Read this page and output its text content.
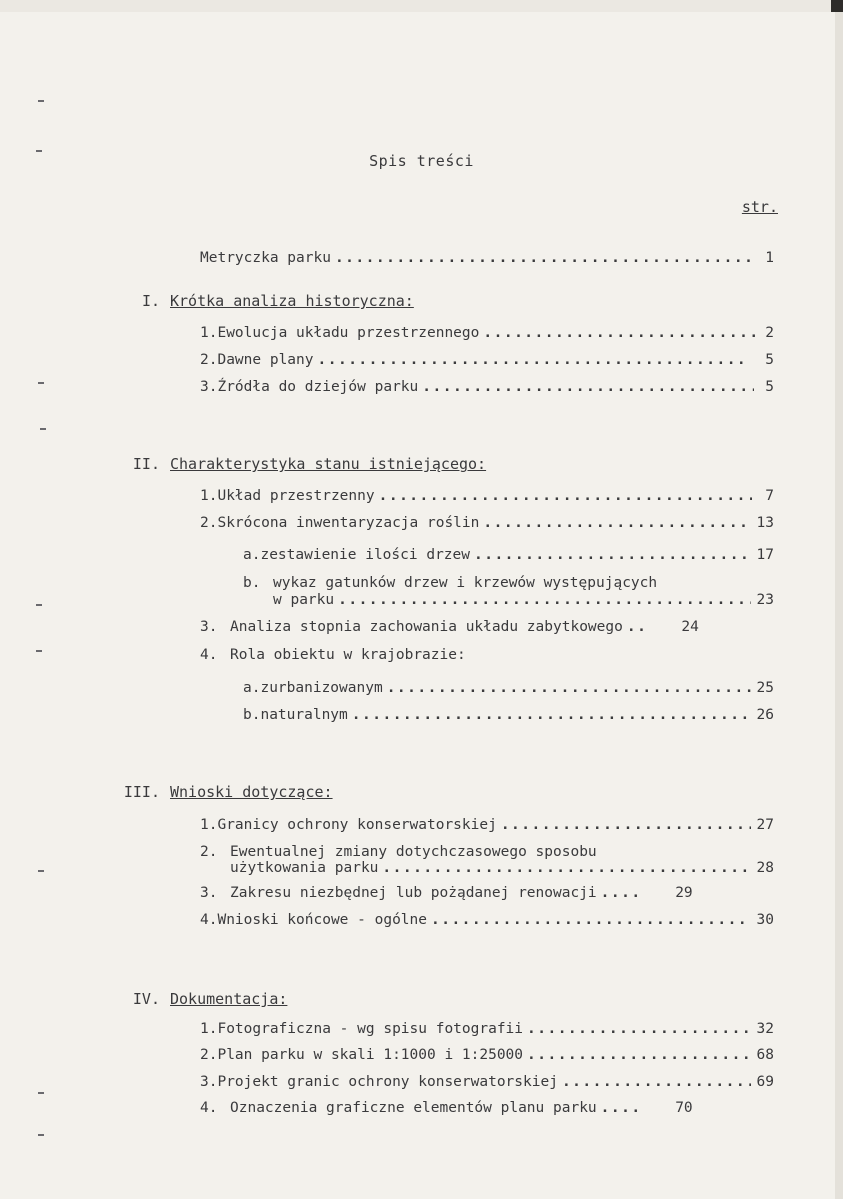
Spis treści
str.
Metryczka parku .....	1
I. Krótka analiza historyczna:
1. Ewolucja układu przestrzennego .....	2
2. Dawne plany .....	5
3. Źródła do dziejów parku .....	5
II. Charakterystyka stanu istniejącego:
1. Układ przestrzenny .....	7
2. Skrócona inwentaryzacja roślin .....	13
a. zestawienie ilości drzew .....	17
b. wykaz gatunków drzew i krzewów występujących
w parku .....	23
3. Analiza stopnia zachowania układu zabytkowego .....	24
4. Rola obiektu w krajobrazie:
a. zurbanizowanym .....	25
b. naturalnym .....	26
III. Wnioski dotyczące:
1. Granicy ochrony konserwatorskiej .....	27
2. Ewentualnej zmiany dotychczasowego sposobu
użytkowania parku .....	28
3. Zakresu niezbędnej lub pożądanej renowacji .....	29
4. Wnioski końcowe - ogólne .....	30
IV. Dokumentacja:
1. Fotograficzna - wg spisu fotografii .....	32
2. Plan parku w skali 1:1000 i 1:25000 .....	68
3. Projekt granic ochrony konserwatorskiej .....	69
4. Oznaczenia graficzne elementów planu parku .....	70
